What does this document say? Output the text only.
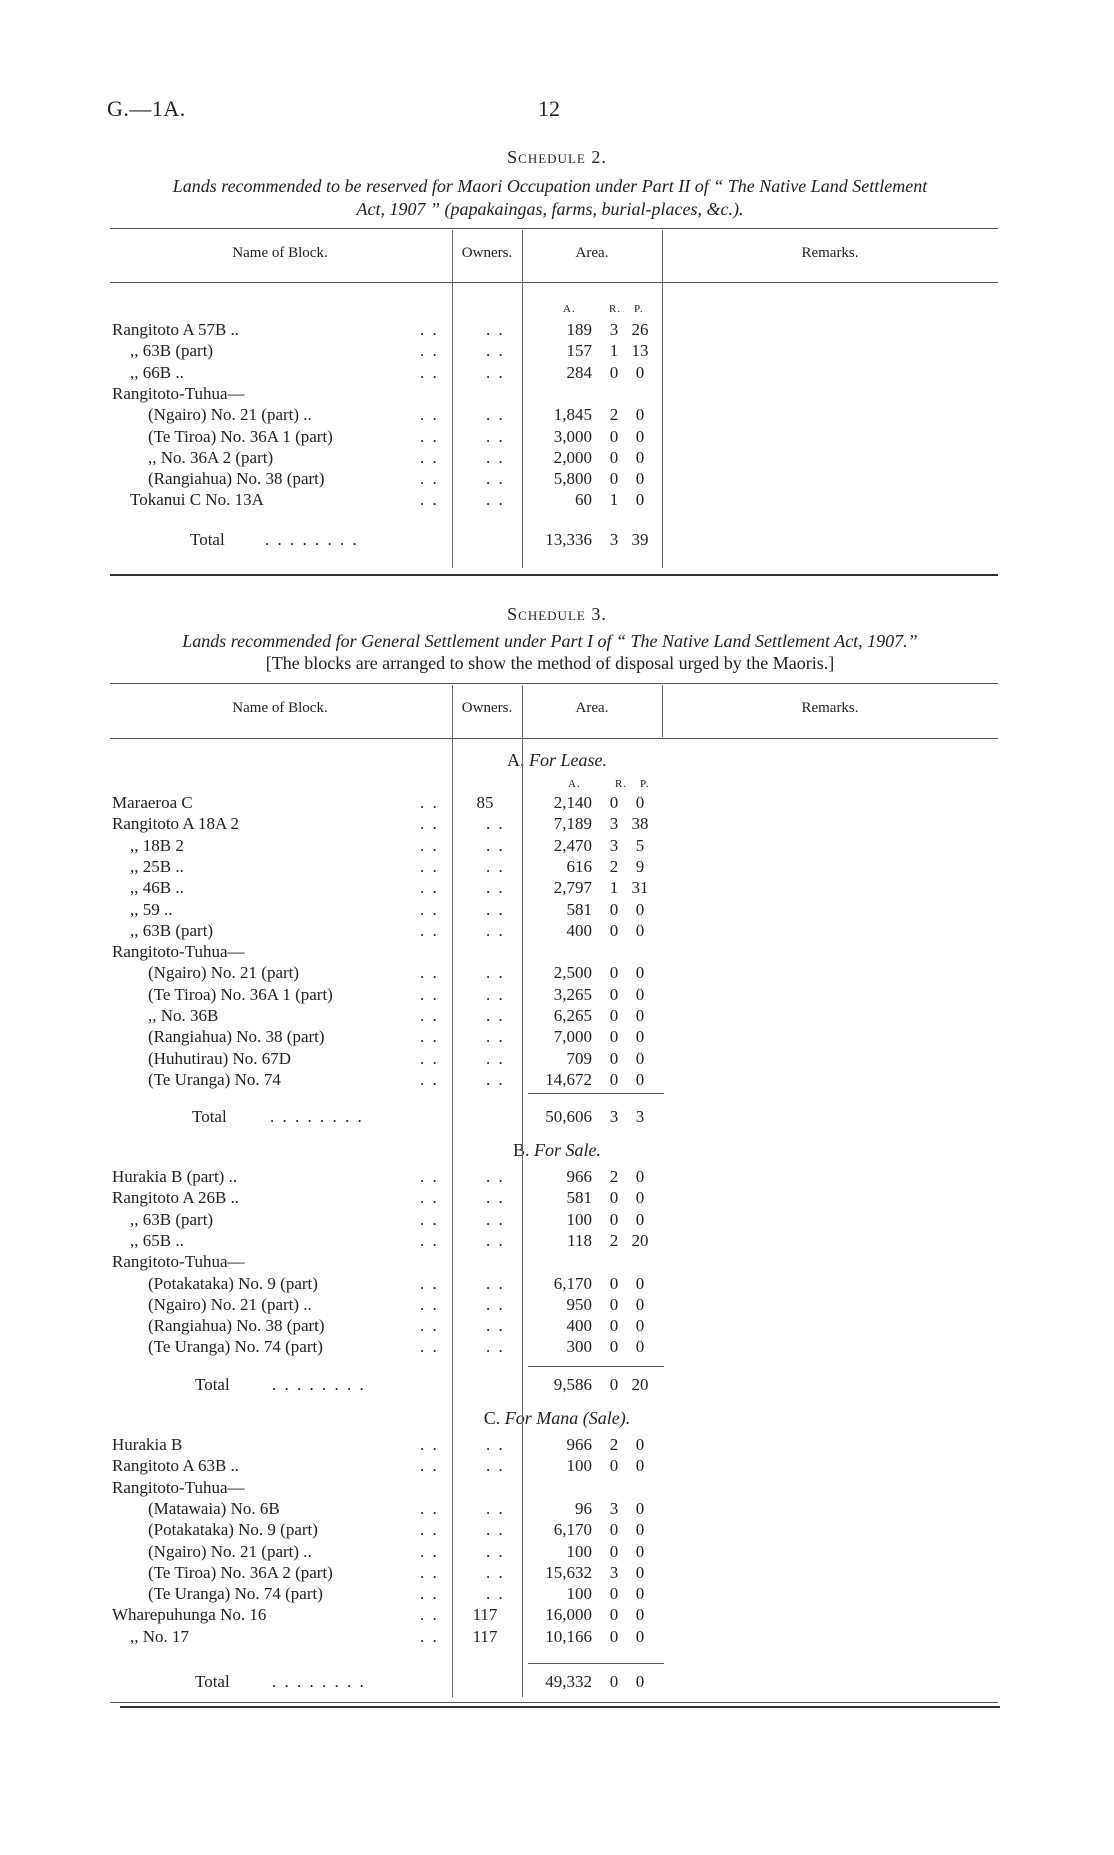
G.—1A.	12
Schedule 2.
Lands recommended to be reserved for Maori Occupation under Part II of “ The Native Land Settlement
Act, 1907 ” (papakaingas, farms, burial-places, &c.).
Name of Block.	Owners.	Area.	Remarks.
A.	R. P.
Rangitoto A 57B ..	. .	. .	189	3 26
,, 63B (part)	. .	. .	157	1 13
,, 66B ..	. .	. .	284	0	0
Rangitoto-Tuhua—
(Ngairo) No. 21 (part) ..	. .	. .	1,845	2	0
(Te Tiroa) No. 36A 1 (part)	. .	. .	3,000	0	0
,, No. 36A 2 (part)	. .	. .	2,000	0	0
(Rangiahua) No. 38 (part)	. .	. .	5,800	0	0
Tokanui C No. 13A	. .	. .	60	1	0
Total . . . . . . . .	13,336	3 39
Schedule 3.
Lands recommended for General Settlement under Part I of “ The Native Land Settlement Act, 1907.”
[The blocks are arranged to show the method of disposal urged by the Maoris.]
Name of Block.	Owners.	Area.	Remarks.
A. For Lease.
A.	R. P.
Maraeroa C	. .	85	2,140	0	0
Rangitoto A 18A 2	. .	. .	7,189	3 38
,, 18B 2	. .	. .	2,470	3	5
,, 25B ..	. .	. .	616	2	9
,, 46B ..	. .	. .	2,797	1 31
,, 59 ..	. .	. .	581	0	0
,, 63B (part)	. .	. .	400	0	0
Rangitoto-Tuhua—
(Ngairo) No. 21 (part)	. .	. .	2,500	0	0
(Te Tiroa) No. 36A 1 (part)	. .	. .	3,265	0	0
,, No. 36B	. .	. .	6,265	0	0
(Rangiahua) No. 38 (part)	. .	. .	7,000	0	0
(Huhutirau) No. 67D	. .	. .	709	0	0
(Te Uranga) No. 74	. .	. .	14,672	0	0
Total	. . . . . . . .	50,606	3	3
B. For Sale.
Hurakia B (part) ..	. .	. .	966	2	0
Rangitoto A 26B ..	. .	. .	581	0	0
,, 63B (part)	. .	. .	100	0	0
,, 65B ..	. .	. .	118	2 20
Rangitoto-Tuhua—
(Potakataka) No. 9 (part)	. .	. .	6,170	0	0
(Ngairo) No. 21 (part) ..	. .	. .	950	0	0
(Rangiahua) No. 38 (part)	. .	. .	400	0	0
(Te Uranga) No. 74 (part)	. .	. .	300	0	0
Total . . . . . . . .	9,586	0 20
C. For Mana (Sale).
Hurakia B	. .	. .	966	2	0
Rangitoto A 63B ..	. .	. .	100	0	0
Rangitoto-Tuhua—
(Matawaia) No. 6B	. .	. .	96	3	0
(Potakataka) No. 9 (part)	. .	. .	6,170	0	0
(Ngairo) No. 21 (part) ..	. .	. .	100	0	0
(Te Tiroa) No. 36A 2 (part)	. .	. .	15,632	3	0
(Te Uranga) No. 74 (part)	. .	. .	100	0	0
Wharepuhunga No. 16	. .	117	16,000	0	0
,, No. 17	. .	117	10,166	0	0
Total . . . . . . . .	49,332	0	0
